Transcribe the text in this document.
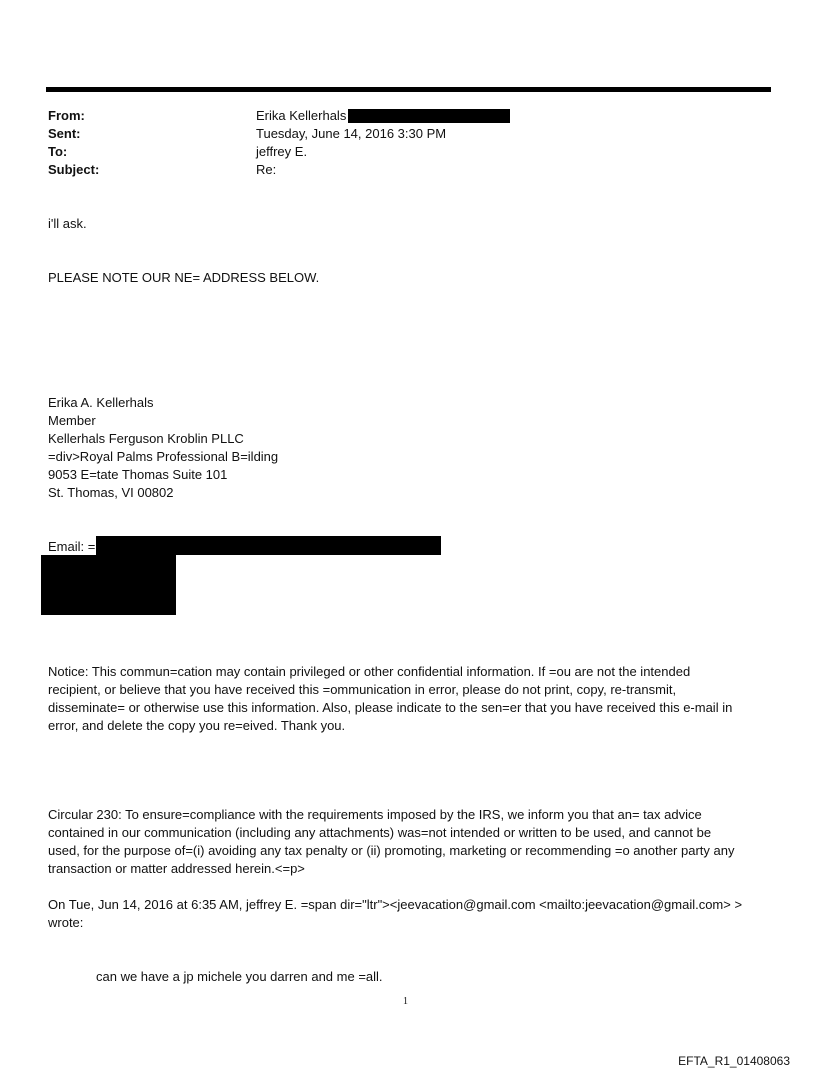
From:	Erika Kellerhals
Sent:	Tuesday, June 14, 2016 3:30 PM
To:	jeffrey E.
Subject:	Re:
i'll ask.
PLEASE NOTE OUR NE= ADDRESS BELOW.
Erika A. Kellerhals
Member
Kellerhals Ferguson Kroblin PLLC
=div>Royal Palms Professional B=ilding
9053 E=tate Thomas Suite 101
St. Thomas, VI 00802
Email: =
Notice: This commun=cation may contain privileged or other confidential information. If =ou are not the intended
recipient, or believe that you have received this =ommunication in error, please do not print, copy, re-transmit,
disseminate= or otherwise use this information. Also, please indicate to the sen=er that you have received this e-mail in
error, and delete the copy you re=eived. Thank you.
Circular 230: To ensure=compliance with the requirements imposed by the IRS, we inform you that an= tax advice
contained in our communication (including any attachments) was=not intended or written to be used, and cannot be
used, for the purpose of=(i) avoiding any tax penalty or (ii) promoting, marketing or recommending =o another party any
transaction or matter addressed herein.<=p>
On Tue, Jun 14, 2016 at 6:35 AM, jeffrey E. =span dir="ltr"><jeevacation@gmail.com <mailto:jeevacation@gmail.com> >
wrote:
can we have a jp michele you darren and me =all.
1
EFTA_R1_01408063
